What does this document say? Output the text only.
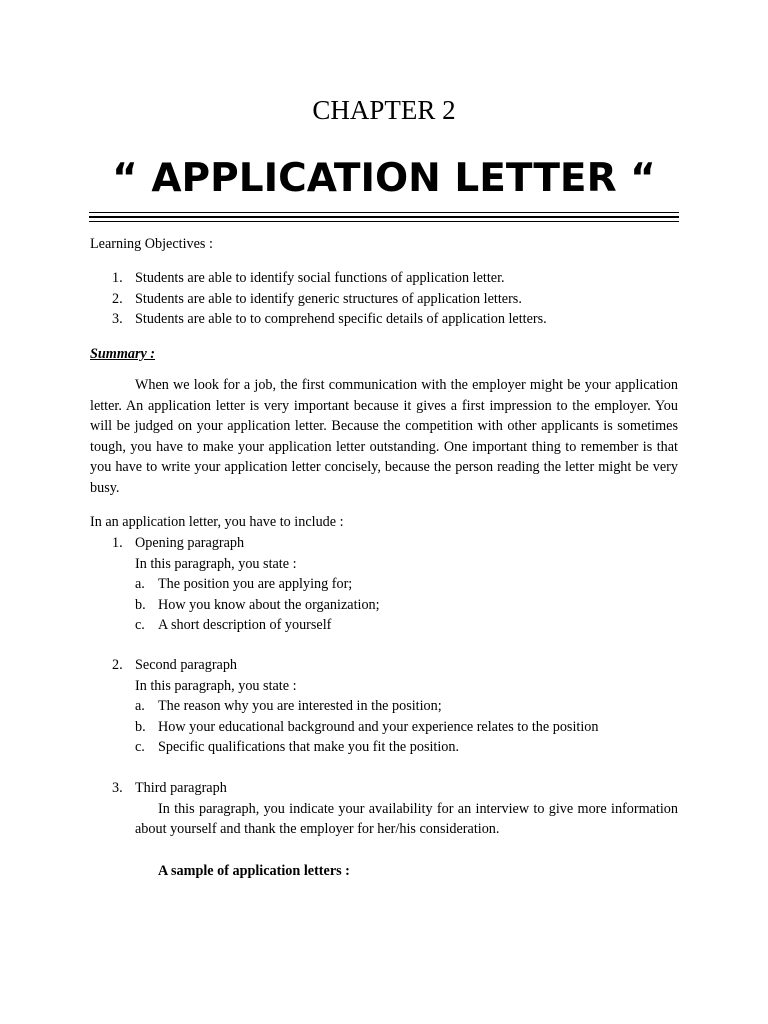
CHAPTER 2
“ APPLICATION LETTER “
Learning Objectives :
1. Students are able to identify social functions of application letter.
2. Students are able to identify generic structures of application letters.
3. Students are able to to comprehend specific details of application letters.
Summary :

When we look for a job, the first communication with the employer might be your application letter. An application letter is very important because it gives a first impression to the employer. You will be judged on your application letter. Because the competition with other applicants is sometimes tough, you have to make your application letter outstanding. One important thing to remember is that you have to write your application letter concisely, because the person reading the letter might be very busy.

In an application letter, you have to include :
1. Opening paragraph
In this paragraph, you state :
a. The position you are applying for;
b. How you know about the organization;
c. A short description of yourself
2. Second paragraph
In this paragraph, you state :
a. The reason why you are interested in the position;
b. How your educational background and your experience relates to the position
c. Specific qualifications that make you fit the position.
3. Third paragraph

In this paragraph, you indicate your availability for an interview to give more information about yourself and thank the employer for her/his consideration.

A sample of application letters :
